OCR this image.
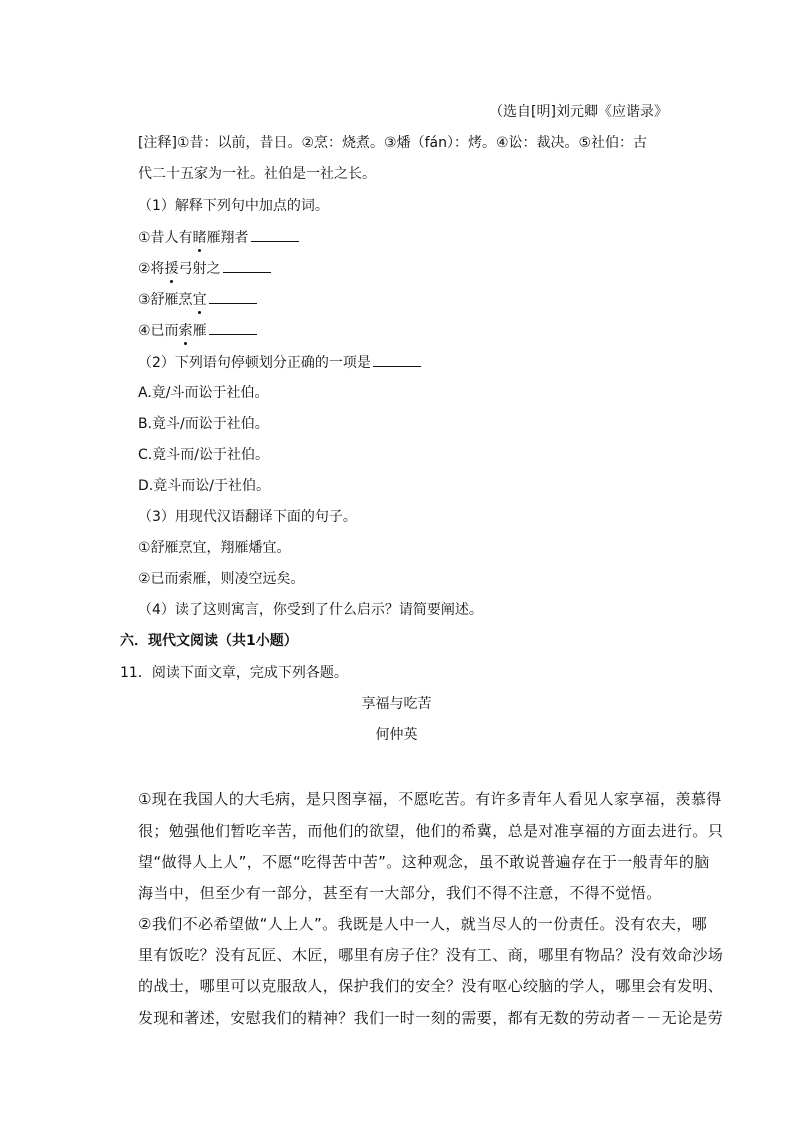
（选自[明]刘元卿《应谐录》
[注释]①昔：以前，昔日。②烹：烧煮。③燔（fán）：烤。④讼：裁决。⑤社伯：古
代二十五家为一社。社伯是一社之长。
（1）解释下列句中加点的词。
①昔人有睹雁翔者
②将援弓射之
③舒雁烹宜
④已而索雁
（2）下列语句停顿划分正确的一项是
A.竟/斗而讼于社伯。
B.竟斗/而讼于社伯。
C.竟斗而/讼于社伯。
D.竟斗而讼/于社伯。
（3）用现代汉语翻译下面的句子。
①舒雁烹宜，翔雁燔宜。
②已而索雁，则凌空远矣。
（4）读了这则寓言，你受到了什么启示？请简要阐述。
六．现代文阅读（共1小题）
11．阅读下面文章，完成下列各题。
享福与吃苦
何仲英
①现在我国人的大毛病，是只图享福，不愿吃苦。有许多青年人看见人家享福，羡慕得
很；勉强他们暂吃辛苦，而他们的欲望，他们的希冀，总是对准享福的方面去进行。只
望“做得人上人”，不愿“吃得苦中苦”。这种观念，虽不敢说普遍存在于一般青年的脑
海当中，但至少有一部分，甚至有一大部分，我们不得不注意，不得不觉悟。
②我们不必希望做“人上人”。我既是人中一人，就当尽人的一份责任。没有农夫，哪
里有饭吃？没有瓦匠、木匠，哪里有房子住？没有工、商，哪里有物品？没有效命沙场
的战士，哪里可以克服敌人，保护我们的安全？没有呕心绞脑的学人，哪里会有发明、
发现和著述，安慰我们的精神？我们一时一刻的需要，都有无数的劳动者－－无论是劳
